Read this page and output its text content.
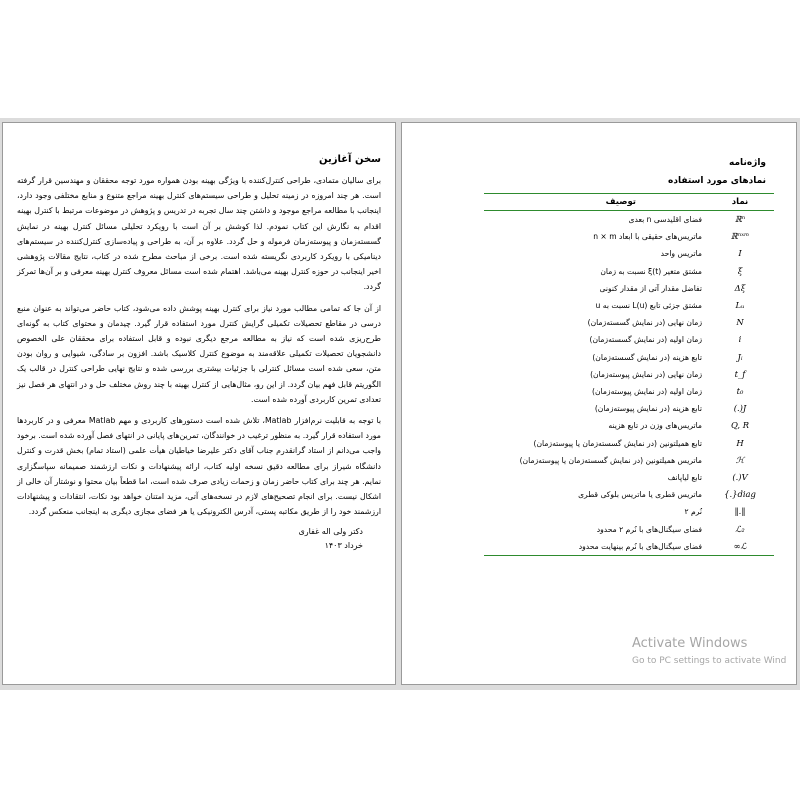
سخن آغازین

برای سالیان متمادی، طراحی کنترل‌کننده با ویژگی بهینه بودن همواره مورد توجه محققان و مهندسین قرار گرفته است. هر چند امروزه در زمینه تحلیل و طراحی سیستم‌های کنترل بهینه مراجع متنوع و منابع مختلفی وجود دارد، اینجانب با مطالعه مراجع موجود و داشتن چند سال تجربه در تدریس و پژوهش در موضوعات مرتبط با کنترل بهینه اقدام به نگارش این کتاب نمودم. لذا کوشش بر آن است با رویکرد تحلیلی مسائل کنترل بهینه در نمایش گسسته‌زمان و پیوسته‌زمان فرموله و حل گردد. علاوه بر آن، به طراحی و پیاده‌سازی کنترل‌کننده در سیستم‌های دینامیکی با رویکرد کاربردی نگریسته شده است. برخی از مباحث مطرح شده در کتاب، نتایج مقالات پژوهشی اخیر اینجانب در حوزه کنترل بهینه می‌باشد. اهتمام شده است مسائل معروف کنترل بهینه معرفی و بر آن‌ها تمرکز گردد.

از آن جا که تمامی مطالب مورد نیاز برای کنترل بهینه پوشش داده می‌شود، کتاب حاضر می‌تواند به عنوان منبع درسی در مقاطع تحصیلات تکمیلی گرایش کنترل مورد استفاده قرار گیرد. چیدمان و محتوای کتاب به گونه‌ای طرح‌ریزی شده است که نیاز به مطالعه مرجع دیگری نبوده و قابل استفاده برای محققان علی الخصوص دانشجویان تحصیلات تکمیلی علاقه‌مند به موضوع کنترل کلاسیک باشد. افزون بر سادگی، شیوایی و روان بودن متن، سعی شده است مسائل کنترلی با جزئیات بیشتری بررسی شده و نتایج نهایی طراحی کنترل در قالب یک الگوریتم قابل فهم بیان گردد. از این رو، مثال‌هایی از کنترل بهینه با چند روش مختلف حل و در انتهای هر فصل نیز تعدادی تمرین کاربردی آورده شده است.

با توجه به قابلیت نرم‌افزار Matlab، تلاش شده است دستورهای کاربردی و مهم Matlab معرفی و در کاربردها مورد استفاده قرار گیرد. به منظور ترغیب در خوانندگان، تمرین‌های پایانی در انتهای فصل آورده شده است. برخود واجب می‌دانم از استاد گرانقدرم جناب آقای دکتر علیرضا خیاطیان هیأت علمی (استاد تمام) بخش قدرت و کنترل دانشگاه شیراز برای مطالعه دقیق نسخه اولیه کتاب، ارائه پیشنهادات و نکات ارزشمند صمیمانه سپاسگزاری نمایم. هر چند برای کتاب حاضر زمان و زحمات زیادی صرف شده است، اما قطعاً بیان محتوا و نوشتار آن خالی از اشکال نیست. برای انجام تصحیح‌های لازم در نسخه‌های آتی، مزید امتنان خواهد بود نکات، انتقادات و پیشنهادات ارزشمند خود را از طریق مکاتبه پستی، آدرس الکترونیکی یا هر فضای مجازی دیگری به اینجانب منعکس گردد.

دکتر ولی اله غفاری
خرداد ۱۴۰۳
واژه‌نامه
نمادهای مورد استفاده
نماد	توصیف
ℝⁿ	فضای اقلیدسی n بعدی
ℝⁿˣᵐ	ماتریس‌های حقیقی با ابعاد n × m
I	ماتریس واحد
ξ̇	مشتق متغیر ξ(t) نسبت به زمان
Δξ	تفاضل مقدار آتی از مقدار کنونی
Lᵤ	مشتق جزئی تابع L(u) نسبت به u
N	زمان نهایی (در نمایش گسسته‌زمان)
i	زمان اولیه (در نمایش گسسته‌زمان)
Jᵢ	تابع هزینه (در نمایش گسسته‌زمان)
t_f	زمان نهایی (در نمایش پیوسته‌زمان)
t₀	زمان اولیه (در نمایش پیوسته‌زمان)
J(.)	تابع هزینه (در نمایش پیوسته‌زمان)
Q, R	ماتریس‌های وزن در تابع هزینه
H	تابع همیلتونین (در نمایش گسسته‌زمان یا پیوسته‌زمان)
ℋ	ماتریس همیلتونین (در نمایش گسسته‌زمان یا پیوسته‌زمان)
V(.)	تابع لیاپانف
diag{.}	ماتریس قطری یا ماتریس بلوکی قطری
‖.‖	نُرم ۲
ℒ₂	فضای سیگنال‌های با نُرم ۲ محدود
ℒ∞	فضای سیگنال‌های با نُرم بینهایت محدود
Activate Windows
Go to PC settings to activate Wind
